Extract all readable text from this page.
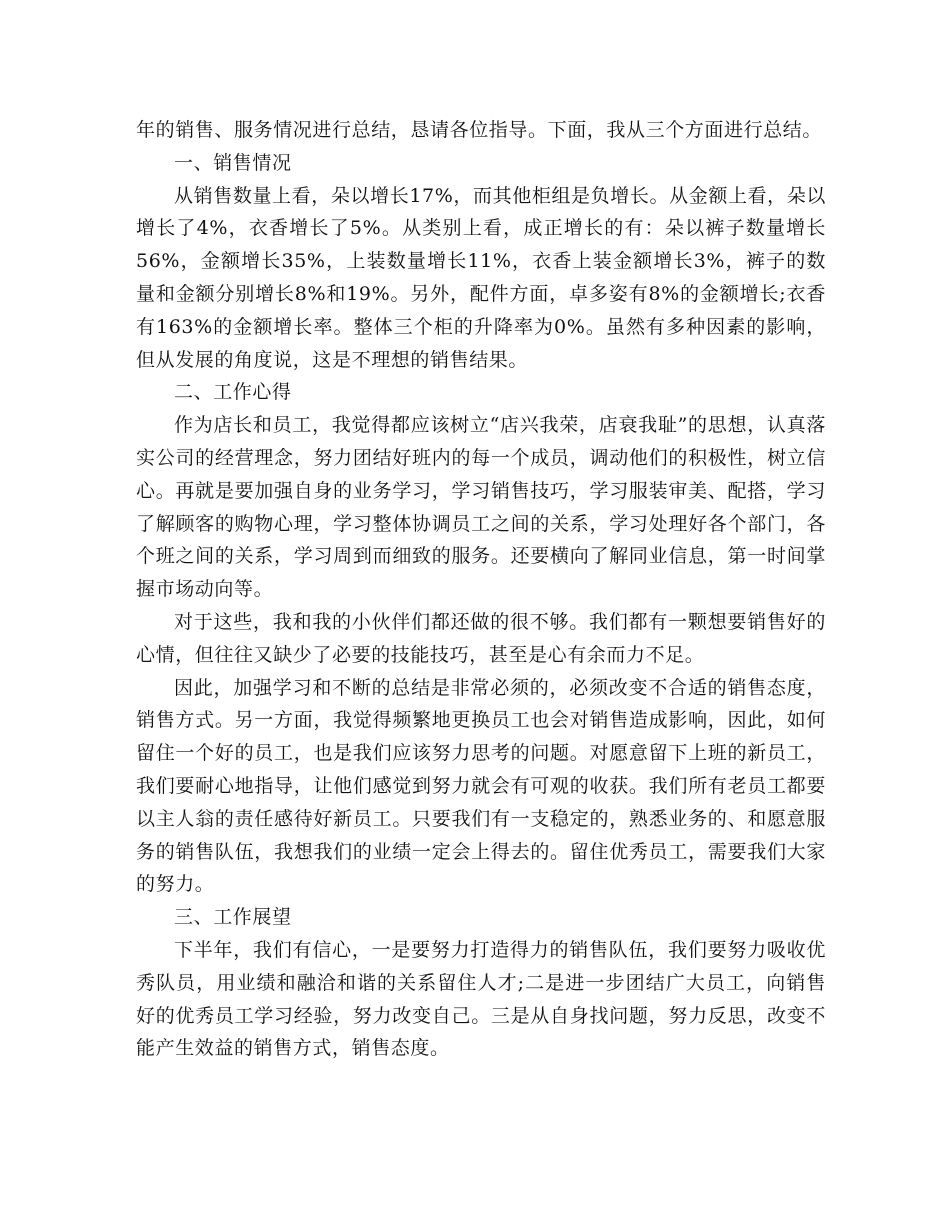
年的销售、服务情况进行总结，恳请各位指导。下面，我从三个方面进行总结。

一、销售情况

从销售数量上看，朵以增长17%，而其他柜组是负增长。从金额上看，朵以增长了4%，衣香增长了5%。从类别上看，成正增长的有：朵以裤子数量增长56%，金额增长35%，上装数量增长11%，衣香上装金额增长3%，裤子的数量和金额分别增长8%和19%。另外，配件方面，卓多姿有8%的金额增长;衣香有163%的金额增长率。整体三个柜的升降率为0%。虽然有多种因素的影响，但从发展的角度说，这是不理想的销售结果。

二、工作心得

作为店长和员工，我觉得都应该树立“店兴我荣，店衰我耻”的思想，认真落实公司的经营理念，努力团结好班内的每一个成员，调动他们的积极性，树立信心。再就是要加强自身的业务学习，学习销售技巧，学习服装审美、配搭，学习了解顾客的购物心理，学习整体协调员工之间的关系，学习处理好各个部门，各个班之间的关系，学习周到而细致的服务。还要横向了解同业信息，第一时间掌握市场动向等。

对于这些，我和我的小伙伴们都还做的很不够。我们都有一颗想要销售好的心情，但往往又缺少了必要的技能技巧，甚至是心有余而力不足。

因此，加强学习和不断的总结是非常必须的，必须改变不合适的销售态度，销售方式。另一方面，我觉得频繁地更换员工也会对销售造成影响，因此，如何留住一个好的员工，也是我们应该努力思考的问题。对愿意留下上班的新员工，我们要耐心地指导，让他们感觉到努力就会有可观的收获。我们所有老员工都要以主人翁的责任感待好新员工。只要我们有一支稳定的，熟悉业务的、和愿意服务的销售队伍，我想我们的业绩一定会上得去的。留住优秀员工，需要我们大家的努力。

三、工作展望

下半年，我们有信心，一是要努力打造得力的销售队伍，我们要努力吸收优秀队员，用业绩和融洽和谐的关系留住人才;二是进一步团结广大员工，向销售好的优秀员工学习经验，努力改变自己。三是从自身找问题，努力反思，改变不能产生效益的销售方式，销售态度。
